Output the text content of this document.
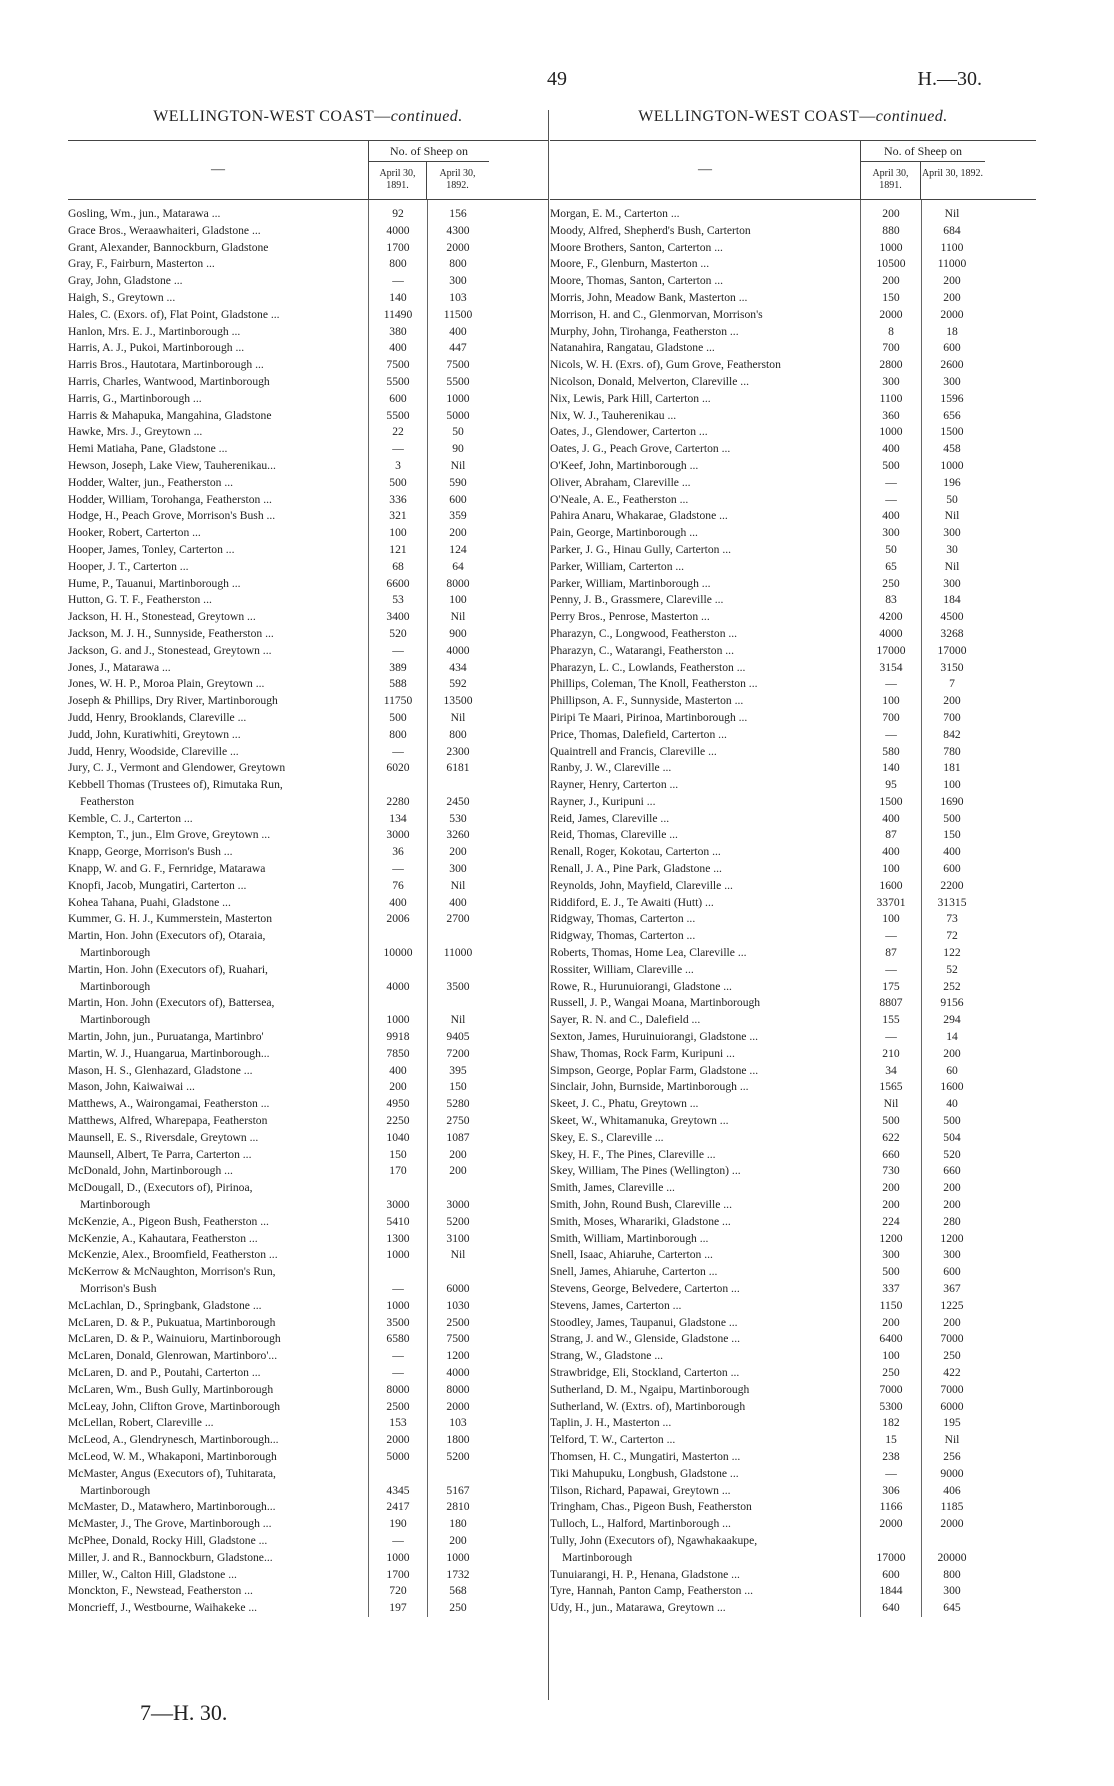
49	H.—30.
WELLINGTON-WEST COAST—continued.
—
No. of Sheep on
April 30, 1891.
April 30, 1892.
Gosling, Wm., jun., Matarawa ...	92	156
Grace Bros., Weraawhaiteri, Gladstone ...	4000	4300
Grant, Alexander, Bannockburn, Gladstone	1700	2000
Gray, F., Fairburn, Masterton ...	800	800
Gray, John, Gladstone ...	—	300
Haigh, S., Greytown ...	140	103
Hales, C. (Exors. of), Flat Point, Gladstone ...	11490	11500
Hanlon, Mrs. E. J., Martinborough ...	380	400
Harris, A. J., Pukoi, Martinborough ...	400	447
Harris Bros., Hautotara, Martinborough ...	7500	7500
Harris, Charles, Wantwood, Martinborough	5500	5500
Harris, G., Martinborough ...	600	1000
Harris & Mahapuka, Mangahina, Gladstone	5500	5000
Hawke, Mrs. J., Greytown ...	22	50
Hemi Matiaha, Pane, Gladstone ...	—	90
Hewson, Joseph, Lake View, Tauherenikau...	3	Nil
Hodder, Walter, jun., Featherston ...	500	590
Hodder, William, Torohanga, Featherston ...	336	600
Hodge, H., Peach Grove, Morrison's Bush ...	321	359
Hooker, Robert, Carterton ...	100	200
Hooper, James, Tonley, Carterton ...	121	124
Hooper, J. T., Carterton ...	68	64
Hume, P., Tauanui, Martinborough ...	6600	8000
Hutton, G. T. F., Featherston ...	53	100
Jackson, H. H., Stonestead, Greytown ...	3400	Nil
Jackson, M. J. H., Sunnyside, Featherston ...	520	900
Jackson, G. and J., Stonestead, Greytown ...	—	4000
Jones, J., Matarawa ...	389	434
Jones, W. H. P., Moroa Plain, Greytown ...	588	592
Joseph & Phillips, Dry River, Martinborough	11750	13500
Judd, Henry, Brooklands, Clareville ...	500	Nil
Judd, John, Kuratiwhiti, Greytown ...	800	800
Judd, Henry, Woodside, Clareville ...	—	2300
Jury, C. J., Vermont and Glendower, Greytown	6020	6181
Kebbell Thomas (Trustees of), Rimutaka Run,
Featherston	2280	2450
Kemble, C. J., Carterton ...	134	530
Kempton, T., jun., Elm Grove, Greytown ...	3000	3260
Knapp, George, Morrison's Bush ...	36	200
Knapp, W. and G. F., Fernridge, Matarawa	—	300
Knopfi, Jacob, Mungatiri, Carterton ...	76	Nil
Kohea Tahana, Puahi, Gladstone ...	400	400
Kummer, G. H. J., Kummerstein, Masterton	2006	2700
Martin, Hon. John (Executors of), Otaraia,
Martinborough	10000	11000
Martin, Hon. John (Executors of), Ruahari,
Martinborough	4000	3500
Martin, Hon. John (Executors of), Battersea,
Martinborough	1000	Nil
Martin, John, jun., Puruatanga, Martinbro'	9918	9405
Martin, W. J., Huangarua, Martinborough...	7850	7200
Mason, H. S., Glenhazard, Gladstone ...	400	395
Mason, John, Kaiwaiwai ...	200	150
Matthews, A., Wairongamai, Featherston ...	4950	5280
Matthews, Alfred, Wharepapa, Featherston	2250	2750
Maunsell, E. S., Riversdale, Greytown ...	1040	1087
Maunsell, Albert, Te Parra, Carterton ...	150	200
McDonald, John, Martinborough ...	170	200
McDougall, D., (Executors of), Pirinoa,
Martinborough	3000	3000
McKenzie, A., Pigeon Bush, Featherston ...	5410	5200
McKenzie, A., Kahautara, Featherston ...	1300	3100
McKenzie, Alex., Broomfield, Featherston ...	1000	Nil
McKerrow & McNaughton, Morrison's Run,
Morrison's Bush	—	6000
McLachlan, D., Springbank, Gladstone ...	1000	1030
McLaren, D. & P., Pukuatua, Martinborough	3500	2500
McLaren, D. & P., Wainuioru, Martinborough	6580	7500
McLaren, Donald, Glenrowan, Martinboro'...	—	1200
McLaren, D. and P., Poutahi, Carterton ...	—	4000
McLaren, Wm., Bush Gully, Martinborough	8000	8000
McLeay, John, Clifton Grove, Martinborough	2500	2000
McLellan, Robert, Clareville ...	153	103
McLeod, A., Glendrynesch, Martinborough...	2000	1800
McLeod, W. M., Whakaponi, Martinborough	5000	5200
McMaster, Angus (Executors of), Tuhitarata,
Martinborough	4345	5167
McMaster, D., Matawhero, Martinborough...	2417	2810
McMaster, J., The Grove, Martinborough ...	190	180
McPhee, Donald, Rocky Hill, Gladstone ...	—	200
Miller, J. and R., Bannockburn, Gladstone...	1000	1000
Miller, W., Calton Hill, Gladstone ...	1700	1732
Monckton, F., Newstead, Featherston ...	720	568
Moncrieff, J., Westbourne, Waihakeke ...	197	250
WELLINGTON-WEST COAST—continued.
—
No. of Sheep on
April 30, 1891.
April 30, 1892.
Morgan, E. M., Carterton ...	200	Nil
Moody, Alfred, Shepherd's Bush, Carterton	880	684
Moore Brothers, Santon, Carterton ...	1000	1100
Moore, F., Glenburn, Masterton ...	10500	11000
Moore, Thomas, Santon, Carterton ...	200	200
Morris, John, Meadow Bank, Masterton ...	150	200
Morrison, H. and C., Glenmorvan, Morrison's	2000	2000
Murphy, John, Tirohanga, Featherston ...	8	18
Natanahira, Rangatau, Gladstone ...	700	600
Nicols, W. H. (Exrs. of), Gum Grove, Featherston	2800	2600
Nicolson, Donald, Melverton, Clareville ...	300	300
Nix, Lewis, Park Hill, Carterton ...	1100	1596
Nix, W. J., Tauherenikau ...	360	656
Oates, J., Glendower, Carterton ...	1000	1500
Oates, J. G., Peach Grove, Carterton ...	400	458
O'Keef, John, Martinborough ...	500	1000
Oliver, Abraham, Clareville ...	—	196
O'Neale, A. E., Featherston ...	—	50
Pahira Anaru, Whakarae, Gladstone ...	400	Nil
Pain, George, Martinborough ...	300	300
Parker, J. G., Hinau Gully, Carterton ...	50	30
Parker, William, Carterton ...	65	Nil
Parker, William, Martinborough ...	250	300
Penny, J. B., Grassmere, Clareville ...	83	184
Perry Bros., Penrose, Masterton ...	4200	4500
Pharazyn, C., Longwood, Featherston ...	4000	3268
Pharazyn, C., Watarangi, Featherston ...	17000	17000
Pharazyn, L. C., Lowlands, Featherston ...	3154	3150
Phillips, Coleman, The Knoll, Featherston ...	—	7
Phillipson, A. F., Sunnyside, Masterton ...	100	200
Piripi Te Maari, Pirinoa, Martinborough ...	700	700
Price, Thomas, Dalefield, Carterton ...	—	842
Quaintrell and Francis, Clareville ...	580	780
Ranby, J. W., Clareville ...	140	181
Rayner, Henry, Carterton ...	95	100
Rayner, J., Kuripuni ...	1500	1690
Reid, James, Clareville ...	400	500
Reid, Thomas, Clareville ...	87	150
Renall, Roger, Kokotau, Carterton ...	400	400
Renall, J. A., Pine Park, Gladstone ...	100	600
Reynolds, John, Mayfield, Clareville ...	1600	2200
Riddiford, E. J., Te Awaiti (Hutt) ...	33701	31315
Ridgway, Thomas, Carterton ...	100	73
Ridgway, Thomas, Carterton ...	—	72
Roberts, Thomas, Home Lea, Clareville ...	87	122
Rossiter, William, Clareville ...	—	52
Rowe, R., Hurunuiorangi, Gladstone ...	175	252
Russell, J. P., Wangai Moana, Martinborough	8807	9156
Sayer, R. N. and C., Dalefield ...	155	294
Sexton, James, Huruinuiorangi, Gladstone ...	—	14
Shaw, Thomas, Rock Farm, Kuripuni ...	210	200
Simpson, George, Poplar Farm, Gladstone ...	34	60
Sinclair, John, Burnside, Martinborough ...	1565	1600
Skeet, J. C., Phatu, Greytown ...	Nil	40
Skeet, W., Whitamanuka, Greytown ...	500	500
Skey, E. S., Clareville ...	622	504
Skey, H. F., The Pines, Clareville ...	660	520
Skey, William, The Pines (Wellington) ...	730	660
Smith, James, Clareville ...	200	200
Smith, John, Round Bush, Clareville ...	200	200
Smith, Moses, Wharariki, Gladstone ...	224	280
Smith, William, Martinborough ...	1200	1200
Snell, Isaac, Ahiaruhe, Carterton ...	300	300
Snell, James, Ahiaruhe, Carterton ...	500	600
Stevens, George, Belvedere, Carterton ...	337	367
Stevens, James, Carterton ...	1150	1225
Stoodley, James, Taupanui, Gladstone ...	200	200
Strang, J. and W., Glenside, Gladstone ...	6400	7000
Strang, W., Gladstone ...	100	250
Strawbridge, Eli, Stockland, Carterton ...	250	422
Sutherland, D. M., Ngaipu, Martinborough	7000	7000
Sutherland, W. (Extrs. of), Martinborough	5300	6000
Taplin, J. H., Masterton ...	182	195
Telford, T. W., Carterton ...	15	Nil
Thomsen, H. C., Mungatiri, Masterton ...	238	256
Tiki Mahupuku, Longbush, Gladstone ...	—	9000
Tilson, Richard, Papawai, Greytown ...	306	406
Tringham, Chas., Pigeon Bush, Featherston	1166	1185
Tulloch, L., Halford, Martinborough ...	2000	2000
Tully, John (Executors of), Ngawhakaakupe,
Martinborough	17000	20000
Tunuiarangi, H. P., Henana, Gladstone ...	600	800
Tyre, Hannah, Panton Camp, Featherston ...	1844	300
Udy, H., jun., Matarawa, Greytown ...	640	645
7—H. 30.
